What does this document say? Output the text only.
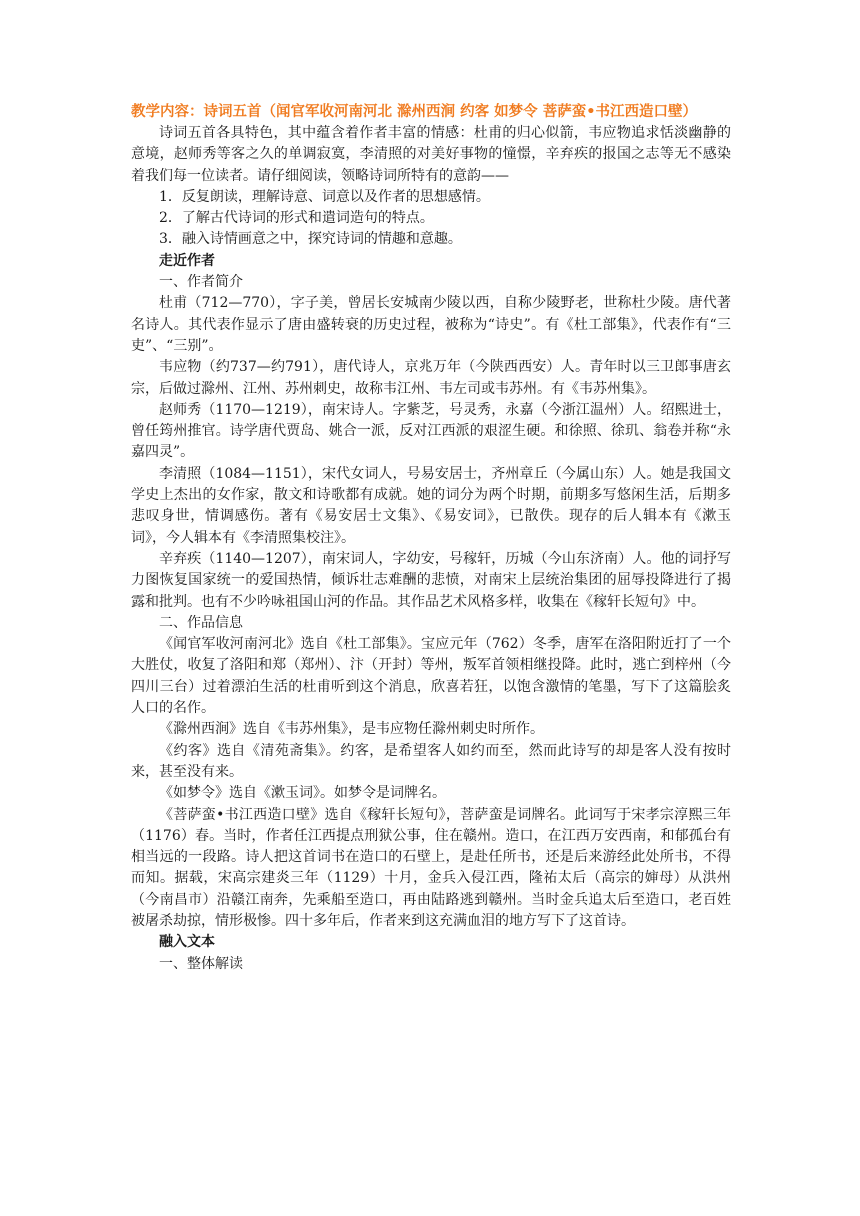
教学内容：诗词五首（闻官军收河南河北 滁州西涧 约客 如梦令 菩萨蛮•书江西造口壁）

诗词五首各具特色，其中蕴含着作者丰富的情感：杜甫的归心似箭，韦应物追求恬淡幽静的意境，赵师秀等客之久的单调寂寞，李清照的对美好事物的憧憬，辛弃疾的报国之志等无不感染着我们每一位读者。请仔细阅读，领略诗词所特有的意韵——

1．反复朗读，理解诗意、词意以及作者的思想感情。

2．了解古代诗词的形式和遣词造句的特点。

3．融入诗情画意之中，探究诗词的情趣和意趣。

走近作者

一、作者简介

杜甫（712—770），字子美，曾居长安城南少陵以西，自称少陵野老，世称杜少陵。唐代著名诗人。其代表作显示了唐由盛转衰的历史过程，被称为“诗史”。有《杜工部集》，代表作有“三吏”、“三别”。

韦应物（约737—约791），唐代诗人，京兆万年（今陕西西安）人。青年时以三卫郎事唐玄宗，后做过滁州、江州、苏州刺史，故称韦江州、韦左司或韦苏州。有《韦苏州集》。

赵师秀（1170—1219），南宋诗人。字紫芝，号灵秀，永嘉（今浙江温州）人。绍熙进士，曾任筠州推官。诗学唐代贾岛、姚合一派，反对江西派的艰涩生硬。和徐照、徐玑、翁卷并称“永嘉四灵”。

李清照（1084—1151），宋代女词人，号易安居士，齐州章丘（今属山东）人。她是我国文学史上杰出的女作家，散文和诗歌都有成就。她的词分为两个时期，前期多写悠闲生活，后期多悲叹身世，情调感伤。著有《易安居士文集》、《易安词》，已散佚。现存的后人辑本有《漱玉词》，今人辑本有《李清照集校注》。

辛弃疾（1140—1207），南宋词人，字幼安，号稼轩，历城（今山东济南）人。他的词抒写力图恢复国家统一的爱国热情，倾诉壮志难酬的悲愤，对南宋上层统治集团的屈辱投降进行了揭露和批判。也有不少吟咏祖国山河的作品。其作品艺术风格多样，收集在《稼轩长短句》中。

二、作品信息

《闻官军收河南河北》选自《杜工部集》。宝应元年（762）冬季，唐军在洛阳附近打了一个大胜仗，收复了洛阳和郑（郑州）、汴（开封）等州，叛军首领相继投降。此时，逃亡到梓州（今四川三台）过着漂泊生活的杜甫听到这个消息，欣喜若狂，以饱含激情的笔墨，写下了这篇脍炙人口的名作。

《滁州西涧》选自《韦苏州集》，是韦应物任滁州刺史时所作。

《约客》选自《清苑斋集》。约客，是希望客人如约而至，然而此诗写的却是客人没有按时来，甚至没有来。

《如梦令》选自《漱玉词》。如梦令是词牌名。

《菩萨蛮•书江西造口壁》选自《稼轩长短句》，菩萨蛮是词牌名。此词写于宋孝宗淳熙三年（1176）春。当时，作者任江西提点刑狱公事，住在赣州。造口，在江西万安西南，和郁孤台有相当远的一段路。诗人把这首词书在造口的石壁上，是赴任所书，还是后来游经此处所书，不得而知。据载，宋高宗建炎三年（1129）十月，金兵入侵江西，隆祐太后（高宗的婶母）从洪州（今南昌市）沿赣江南奔，先乘船至造口，再由陆路逃到赣州。当时金兵追太后至造口，老百姓被屠杀劫掠，情形极惨。四十多年后，作者来到这充满血泪的地方写下了这首诗。

融入文本

一、整体解读
